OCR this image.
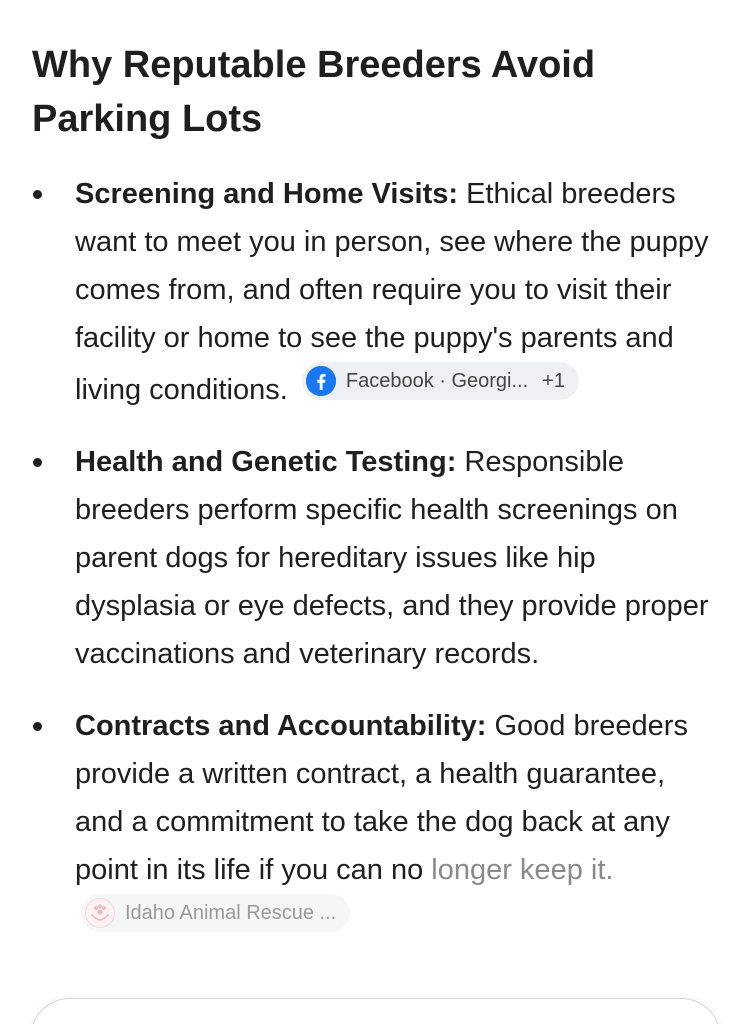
Why Reputable Breeders Avoid Parking Lots
Screening and Home Visits: Ethical breeders want to meet you in person, see where the puppy comes from, and often require you to visit their facility or home to see the puppy's parents and living conditions.	Facebook · Georgi... +1
Health and Genetic Testing: Responsible breeders perform specific health screenings on parent dogs for hereditary issues like hip dysplasia or eye defects, and they provide proper vaccinations and veterinary records.
Contracts and Accountability: Good breeders provide a written contract, a health guarantee, and a commitment to take the dog back at any point in its life if you can no longer keep it.
Idaho Animal Rescue ...
